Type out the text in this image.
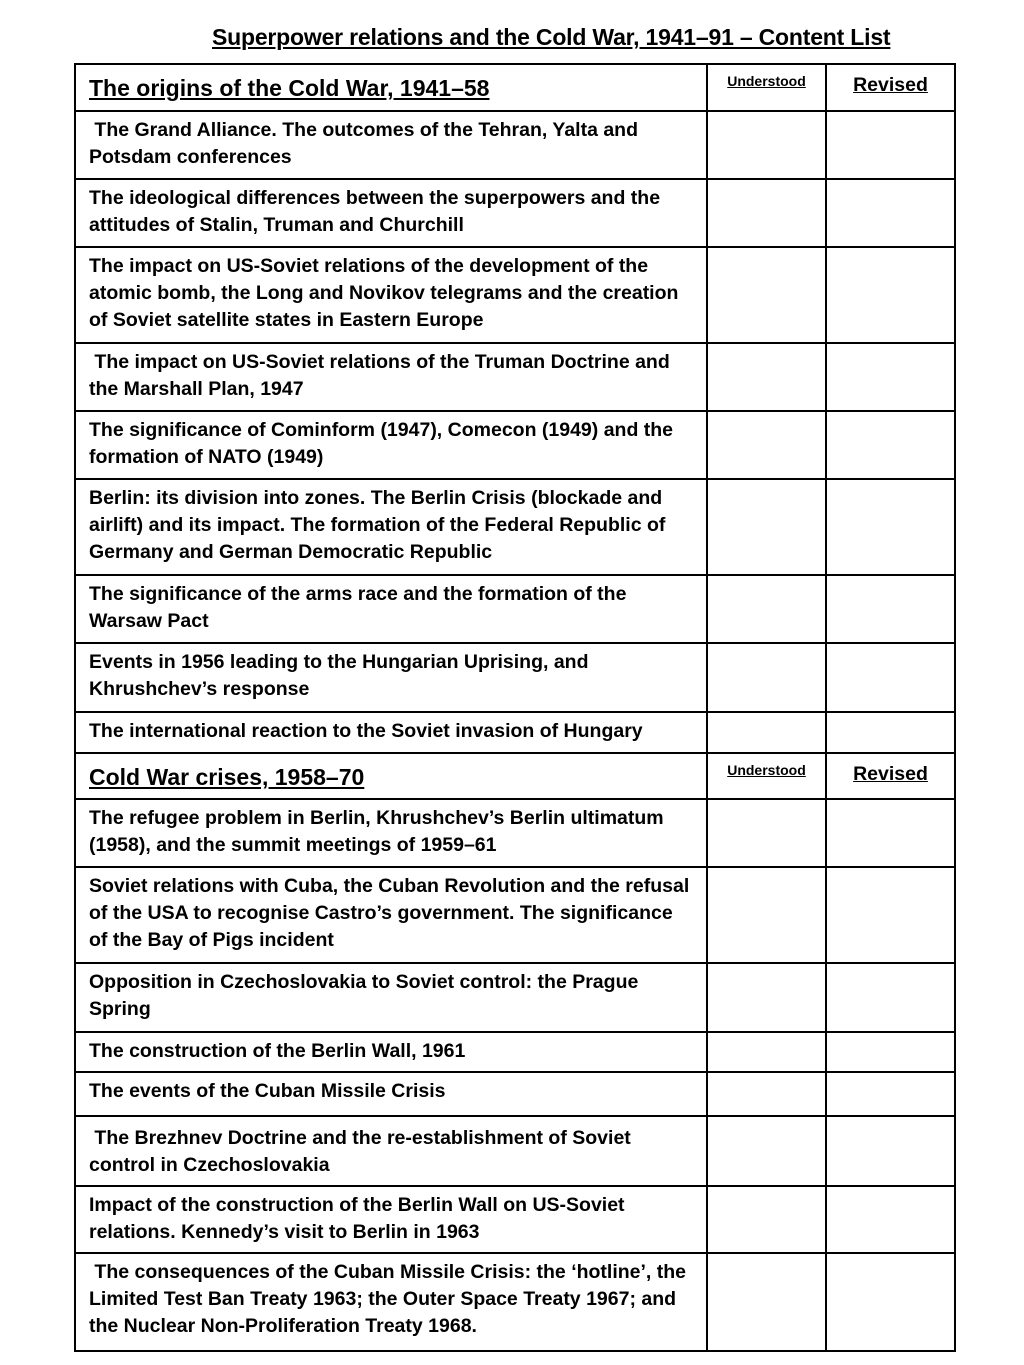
Superpower relations and the Cold War, 1941–91 – Content List
The origins of the Cold War, 1941–58	Understood	Revised
The Grand Alliance. The outcomes of the Tehran, Yalta and Potsdam conferences		
The ideological differences between the superpowers and the attitudes of Stalin, Truman and Churchill		
The impact on US-Soviet relations of the development of the atomic bomb, the Long and Novikov telegrams and the creation of Soviet satellite states in Eastern Europe		
The impact on US-Soviet relations of the Truman Doctrine and the Marshall Plan, 1947		
The significance of Cominform (1947), Comecon (1949) and the formation of NATO (1949)		
Berlin: its division into zones. The Berlin Crisis (blockade and airlift) and its impact. The formation of the Federal Republic of Germany and German Democratic Republic		
The significance of the arms race and the formation of the Warsaw Pact		
Events in 1956 leading to the Hungarian Uprising, and Khrushchev’s response		
The international reaction to the Soviet invasion of Hungary		
Cold War crises, 1958–70	Understood	Revised
The refugee problem in Berlin, Khrushchev’s Berlin ultimatum (1958), and the summit meetings of 1959–61		
Soviet relations with Cuba, the Cuban Revolution and the refusal of the USA to recognise Castro’s government. The significance of the Bay of Pigs incident		
Opposition in Czechoslovakia to Soviet control: the Prague Spring		
The construction of the Berlin Wall, 1961		
The events of the Cuban Missile Crisis		
The Brezhnev Doctrine and the re-establishment of Soviet control in Czechoslovakia		
Impact of the construction of the Berlin Wall on US-Soviet relations. Kennedy’s visit to Berlin in 1963		
The consequences of the Cuban Missile Crisis: the ‘hotline’, the Limited Test Ban Treaty 1963; the Outer Space Treaty 1967; and the Nuclear Non-Proliferation Treaty 1968.		
